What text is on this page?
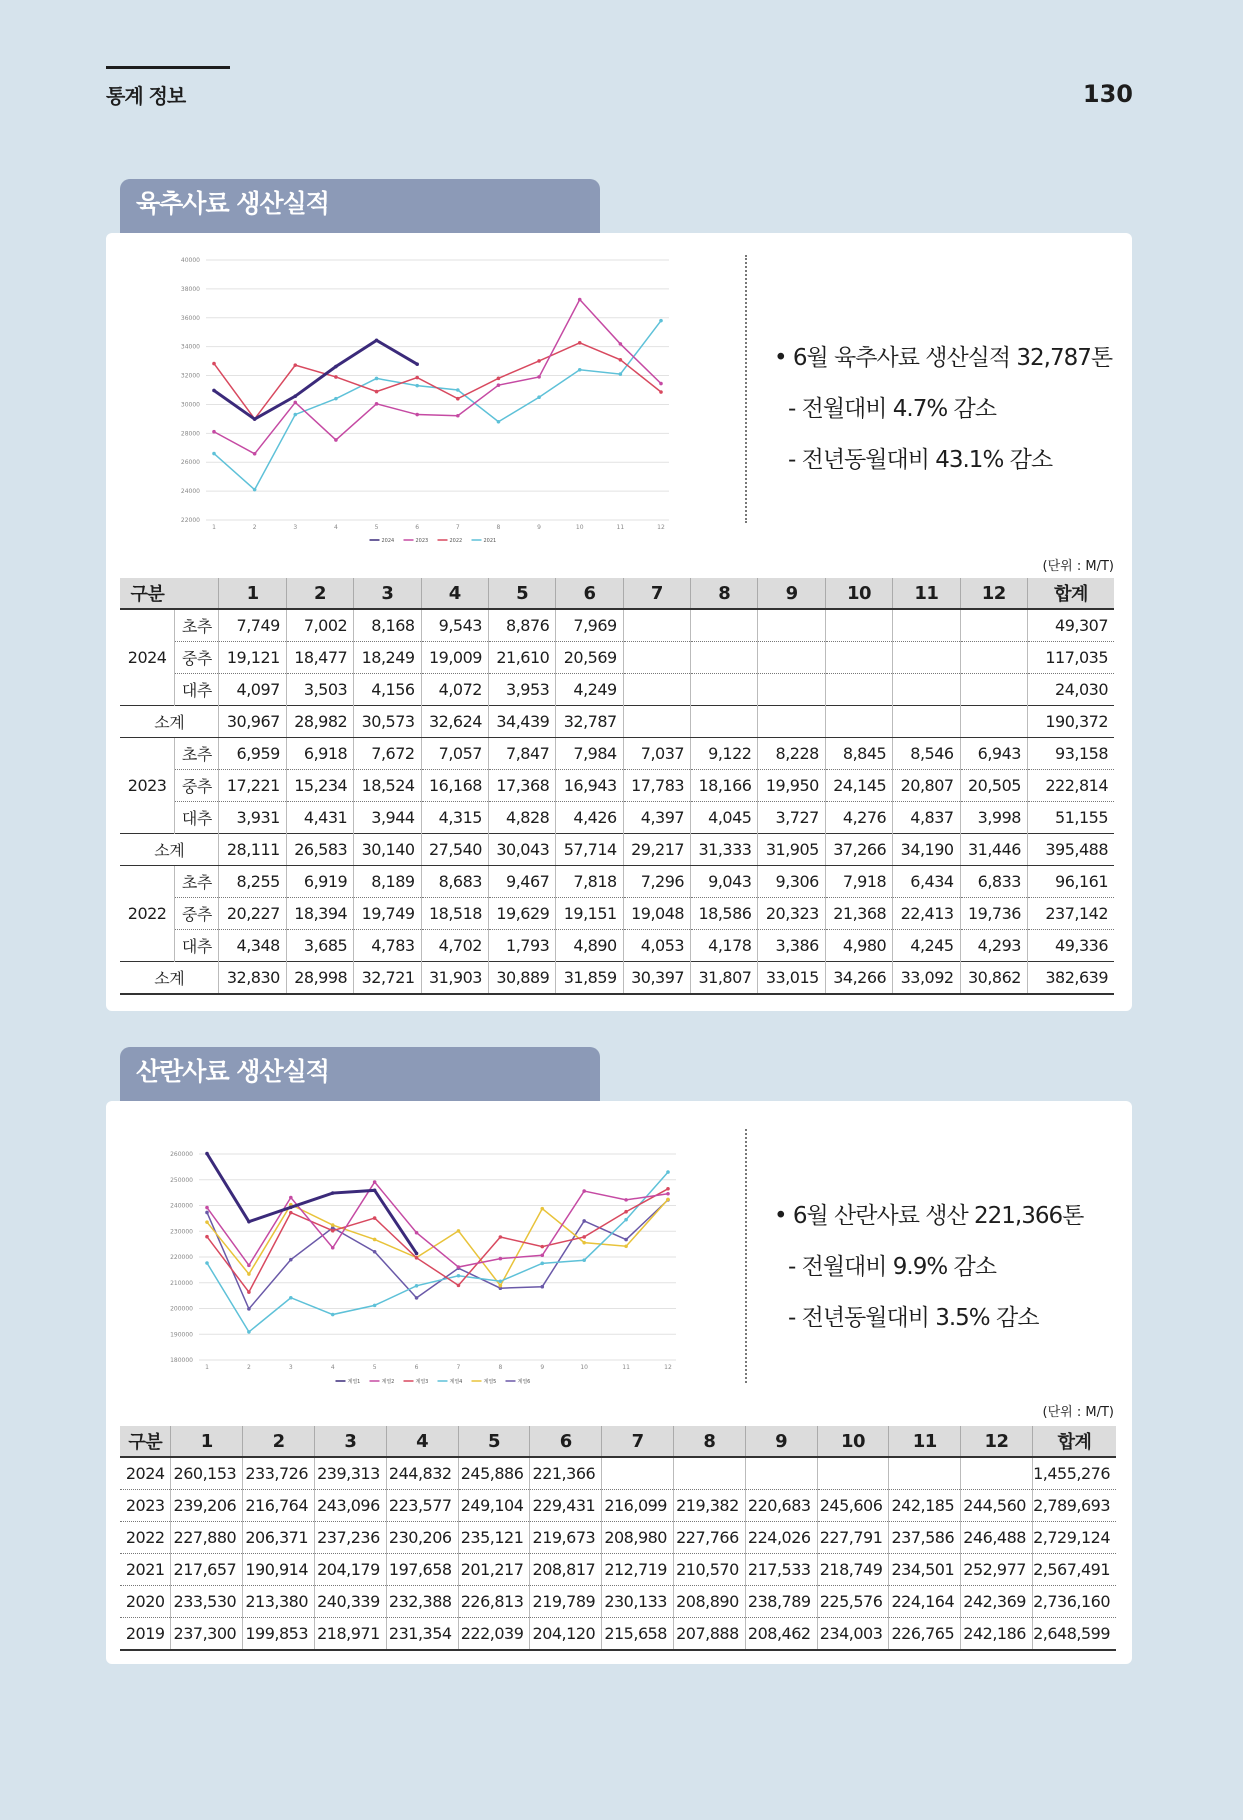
통계 정보	130
육추사료 생산실적
22000
24000
26000
28000
30000
32000
34000
36000
38000
40000
1	2	3	4	5	6	7	8	9	10	11	12
2024	2023	2022	2021
• 6월 육추사료 생산실적 32,787톤
- 전월대비 4.7% 감소
- 전년동월대비 43.1% 감소
(단위 : M/T)
구분		1	2	3	4	5	6	7	8	9	10	11	12	합계
2024	초추	7,749	7,002	8,168	9,543	8,876	7,969							49,307
	중추	19,121	18,477	18,249	19,009	21,610	20,569							117,035
	대추	4,097	3,503	4,156	4,072	3,953	4,249							24,030
소계		30,967	28,982	30,573	32,624	34,439	32,787							190,372
2023	초추	6,959	6,918	7,672	7,057	7,847	7,984	7,037	9,122	8,228	8,845	8,546	6,943	93,158
	중추	17,221	15,234	18,524	16,168	17,368	16,943	17,783	18,166	19,950	24,145	20,807	20,505	222,814
	대추	3,931	4,431	3,944	4,315	4,828	4,426	4,397	4,045	3,727	4,276	4,837	3,998	51,155
소계		28,111	26,583	30,140	27,540	30,043	57,714	29,217	31,333	31,905	37,266	34,190	31,446	395,488
2022	초추	8,255	6,919	8,189	8,683	9,467	7,818	7,296	9,043	9,306	7,918	6,434	6,833	96,161
	중추	20,227	18,394	19,749	18,518	19,629	19,151	19,048	18,586	20,323	21,368	22,413	19,736	237,142
	대추	4,348	3,685	4,783	4,702	1,793	4,890	4,053	4,178	3,386	4,980	4,245	4,293	49,336
소계		32,830	28,998	32,721	31,903	30,889	31,859	30,397	31,807	33,015	34,266	33,092	30,862	382,639
산란사료 생산실적
180000
190000
200000
210000
220000
230000
240000
250000
260000
1	2	3	4	5	6	7	8	9	10	11	12
계열1	계열2	계열3	계열4	계열5	계열6
• 6월 산란사료 생산 221,366톤
- 전월대비 9.9% 감소
- 전년동월대비 3.5% 감소
(단위 : M/T)
구분	1	2	3	4	5	6	7	8	9	10	11	12	합계
2024	260,153	233,726	239,313	244,832	245,886	221,366							1,455,276
2023	239,206	216,764	243,096	223,577	249,104	229,431	216,099	219,382	220,683	245,606	242,185	244,560	2,789,693
2022	227,880	206,371	237,236	230,206	235,121	219,673	208,980	227,766	224,026	227,791	237,586	246,488	2,729,124
2021	217,657	190,914	204,179	197,658	201,217	208,817	212,719	210,570	217,533	218,749	234,501	252,977	2,567,491
2020	233,530	213,380	240,339	232,388	226,813	219,789	230,133	208,890	238,789	225,576	224,164	242,369	2,736,160
2019	237,300	199,853	218,971	231,354	222,039	204,120	215,658	207,888	208,462	234,003	226,765	242,186	2,648,599
